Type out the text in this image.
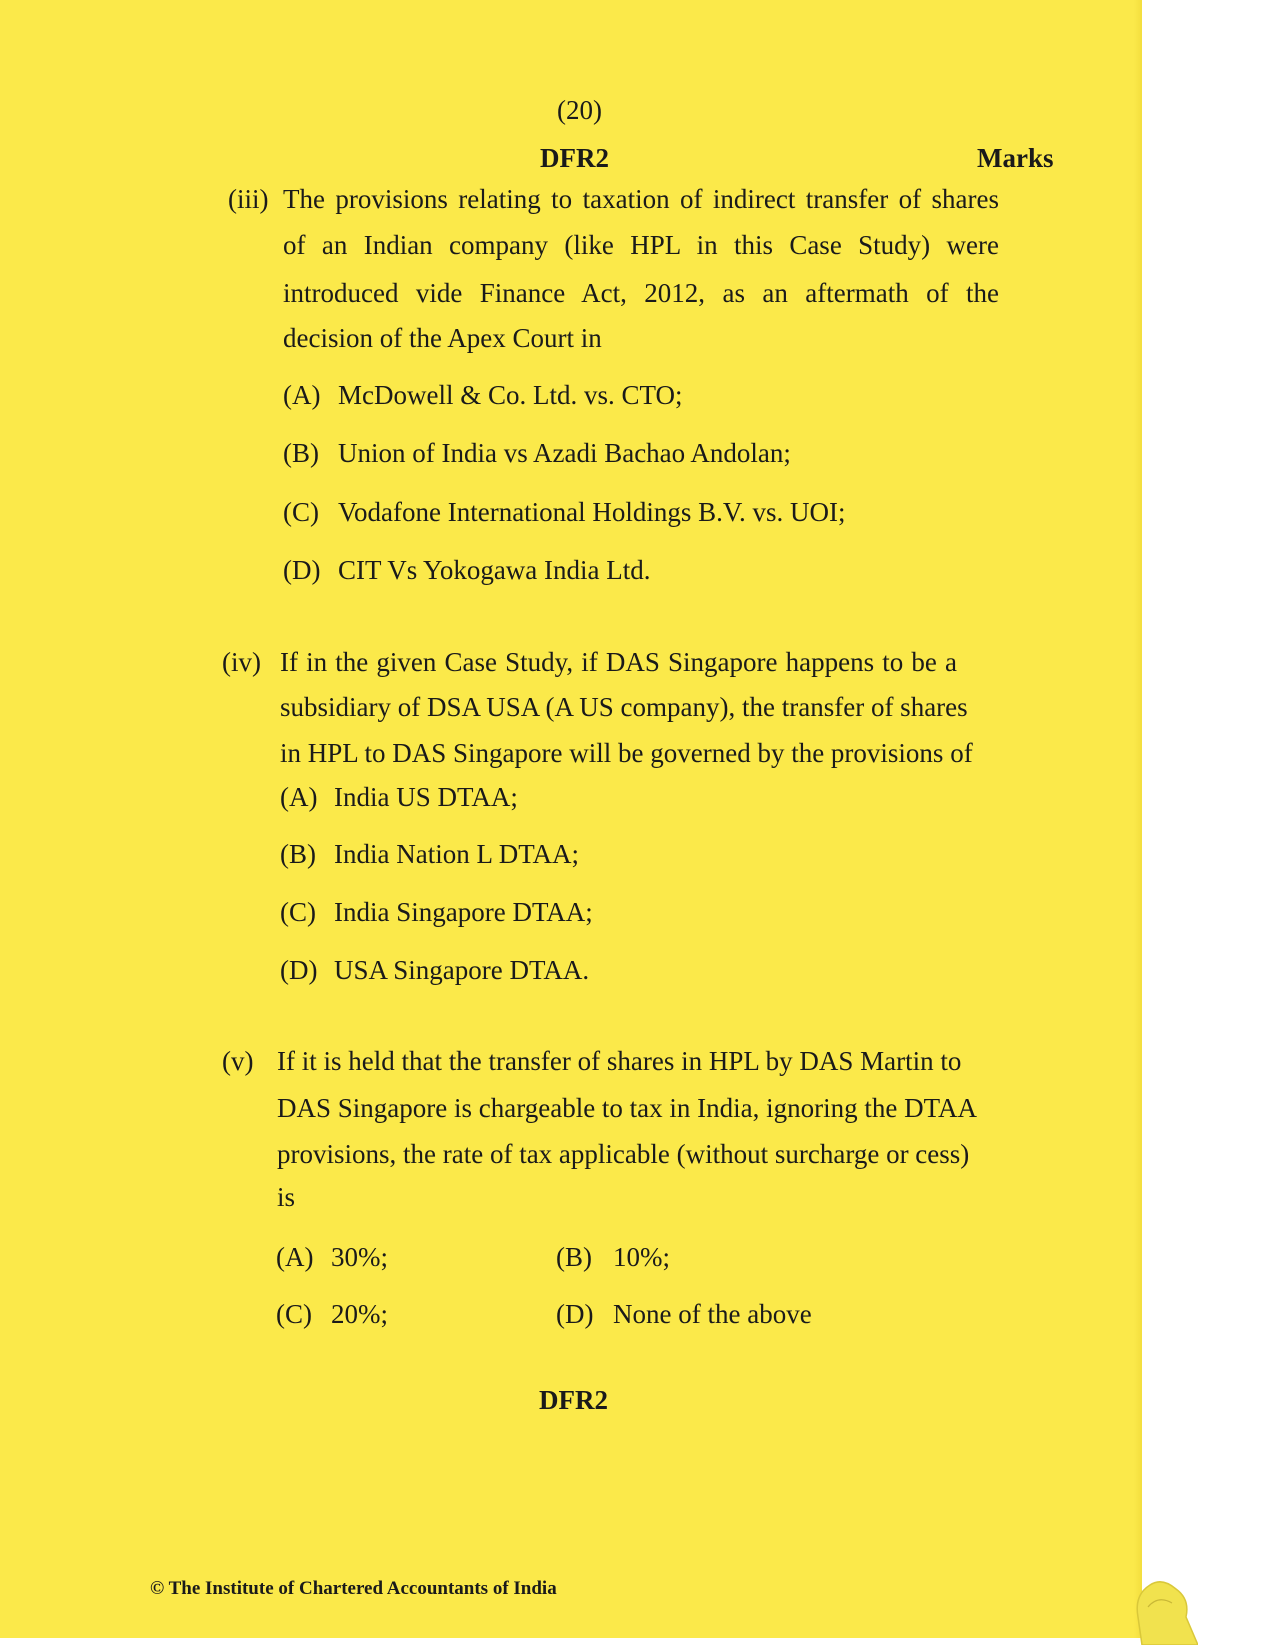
(20)
DFR2	Marks
(iii) The provisions relating to taxation of indirect transfer of shares
of an Indian company (like HPL in this Case Study) were
introduced vide Finance Act, 2012, as an aftermath of the
decision of the Apex Court in
(A) McDowell & Co. Ltd. vs. CTO;
(B) Union of India vs Azadi Bachao Andolan;
(C) Vodafone International Holdings B.V. vs. UOI;
(D) CIT Vs Yokogawa India Ltd.
(iv) If in the given Case Study, if DAS Singapore happens to be a
subsidiary of DSA USA (A US company), the transfer of shares
in HPL to DAS Singapore will be governed by the provisions of
(A) India US DTAA;
(B) India Nation L DTAA;
(C) India Singapore DTAA;
(D) USA Singapore DTAA.
(v) If it is held that the transfer of shares in HPL by DAS Martin to
DAS Singapore is chargeable to tax in India, ignoring the DTAA
provisions, the rate of tax applicable (without surcharge or cess)
is
(A) 30%;	(B) 10%;
(C) 20%;	(D) None of the above
DFR2
© The Institute of Chartered Accountants of India
